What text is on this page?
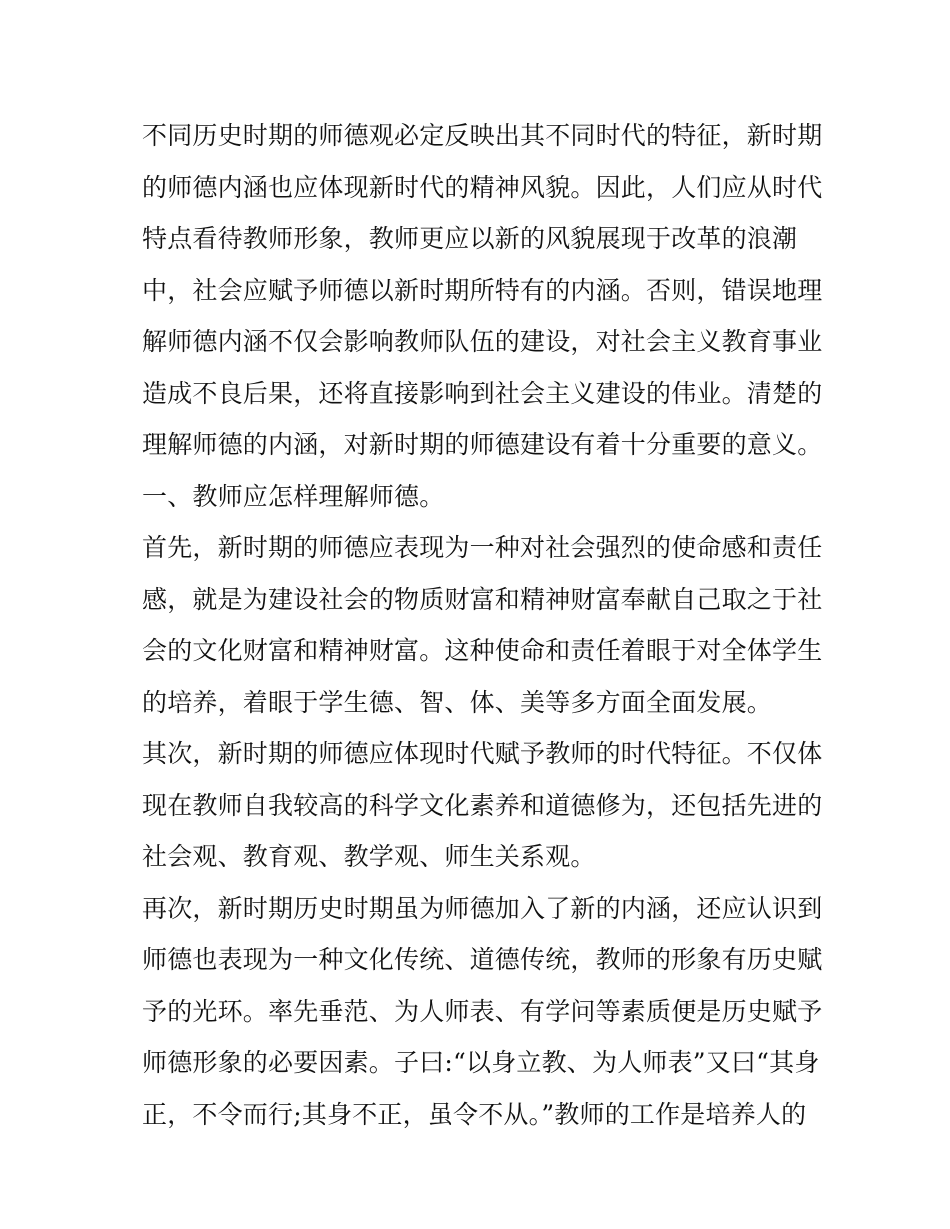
不同历史时期的师德观必定反映出其不同时代的特征，新时期
的师德内涵也应体现新时代的精神风貌。因此，人们应从时代
特点看待教师形象，教师更应以新的风貌展现于改革的浪潮
中，社会应赋予师德以新时期所特有的内涵。否则，错误地理
解师德内涵不仅会影响教师队伍的建设，对社会主义教育事业
造成不良后果，还将直接影响到社会主义建设的伟业。清楚的
理解师德的内涵，对新时期的师德建设有着十分重要的意义。
一、教师应怎样理解师德。
首先，新时期的师德应表现为一种对社会强烈的使命感和责任
感，就是为建设社会的物质财富和精神财富奉献自己取之于社
会的文化财富和精神财富。这种使命和责任着眼于对全体学生
的培养，着眼于学生德、智、体、美等多方面全面发展。
其次，新时期的师德应体现时代赋予教师的时代特征。不仅体
现在教师自我较高的科学文化素养和道德修为，还包括先进的
社会观、教育观、教学观、师生关系观。
再次，新时期历史时期虽为师德加入了新的内涵，还应认识到
师德也表现为一种文化传统、道德传统，教师的形象有历史赋
予的光环。率先垂范、为人师表、有学问等素质便是历史赋予
师德形象的必要因素。子曰:“以身立教、为人师表”又曰“其身
正，不令而行;其身不正，虽令不从。”教师的工作是培养人的
